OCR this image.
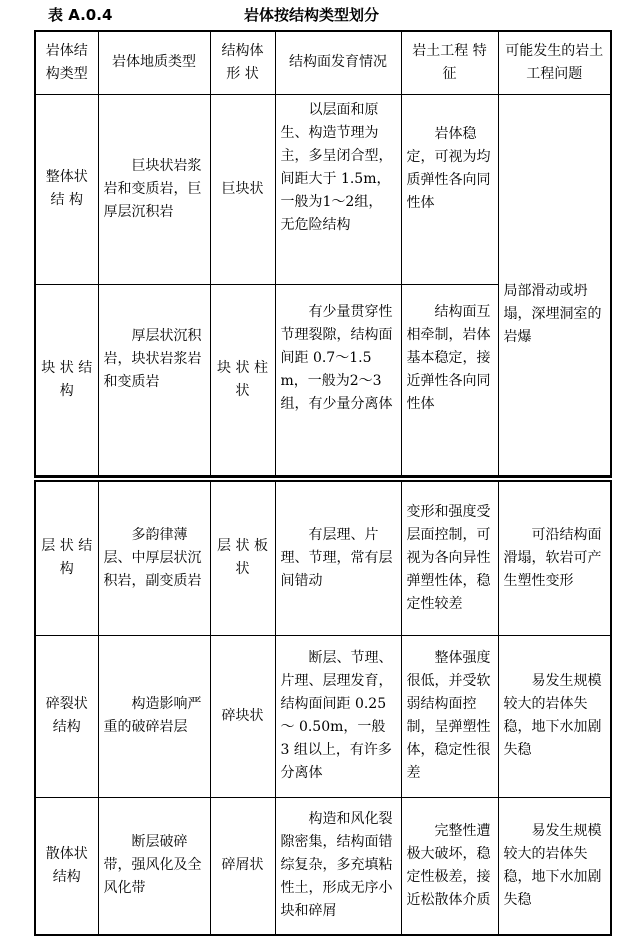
表 A.0.4	岩体按结构类型划分
岩体结构类型	岩体地质类型	结构体形 状	结构面发育情况	岩土工程 特 征	可能发生的岩土工程问题
整体状结 构	巨块状岩浆岩和变质岩，巨厚层沉积岩	巨块状	以层面和原生、构造节理为主，多呈闭合型，间距大于 1.5m，一般为1～2组，无危险结构	岩体稳定，可视为均质弹性各向同性体	局部滑动或坍塌，深埋洞室的岩爆
块 状 结 构	厚层状沉积岩，块状岩浆岩和变质岩	块 状 柱 状	有少量贯穿性节理裂隙，结构面间距 0.7～1.5m，一般为2～3组，有少量分离体	结构面互相牵制，岩体基本稳定，接近弹性各向同性体	
层 状 结 构	多韵律薄层、中厚层状沉积岩，副变质岩	层 状 板 状	有层理、片理、节理，常有层间错动	变形和强度受层面控制，可视为各向异性弹塑性体，稳定性较差	可沿结构面滑塌，软岩可产生塑性变形
碎裂状结构	构造影响严重的破碎岩层	碎块状	断层、节理、片理、层理发育，结构面间距 0.25 ～ 0.50m，一般 3 组以上，有许多分离体	整体强度很低，并受软弱结构面控制，呈弹塑性体，稳定性很差	易发生规模较大的岩体失稳，地下水加剧失稳
散体状结构	断层破碎带，强风化及全风化带	碎屑状	构造和风化裂隙密集，结构面错综复杂，多充填粘性土，形成无序小块和碎屑	完整性遭极大破坏，稳定性极差，接近松散体介质	易发生规模较大的岩体失稳，地下水加剧失稳
